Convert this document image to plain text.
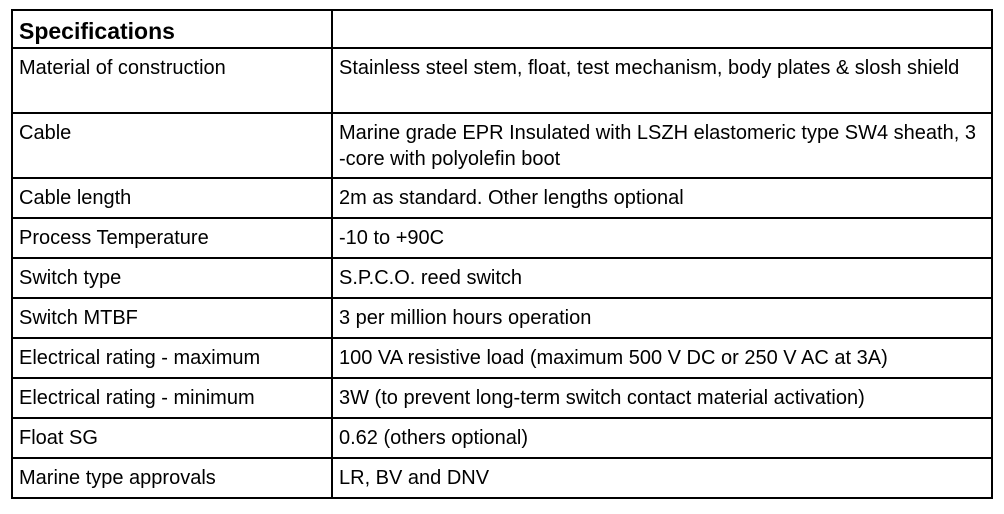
Specifications	
Material of construction	Stainless steel stem, float, test mechanism, body plates & slosh shield
Cable	Marine grade EPR Insulated with LSZH elastomeric type SW4 sheath, 3 -core with polyolefin boot
Cable length	2m as standard. Other lengths optional
Process Temperature	-10 to +90C
Switch type	S.P.C.O. reed switch
Switch MTBF	3 per million hours operation
Electrical rating - maximum	100 VA resistive load (maximum 500 V DC or 250 V AC at 3A)
Electrical rating - minimum	3W (to prevent long-term switch contact material activation)
Float SG	0.62 (others optional)
Marine type approvals	LR, BV and DNV
